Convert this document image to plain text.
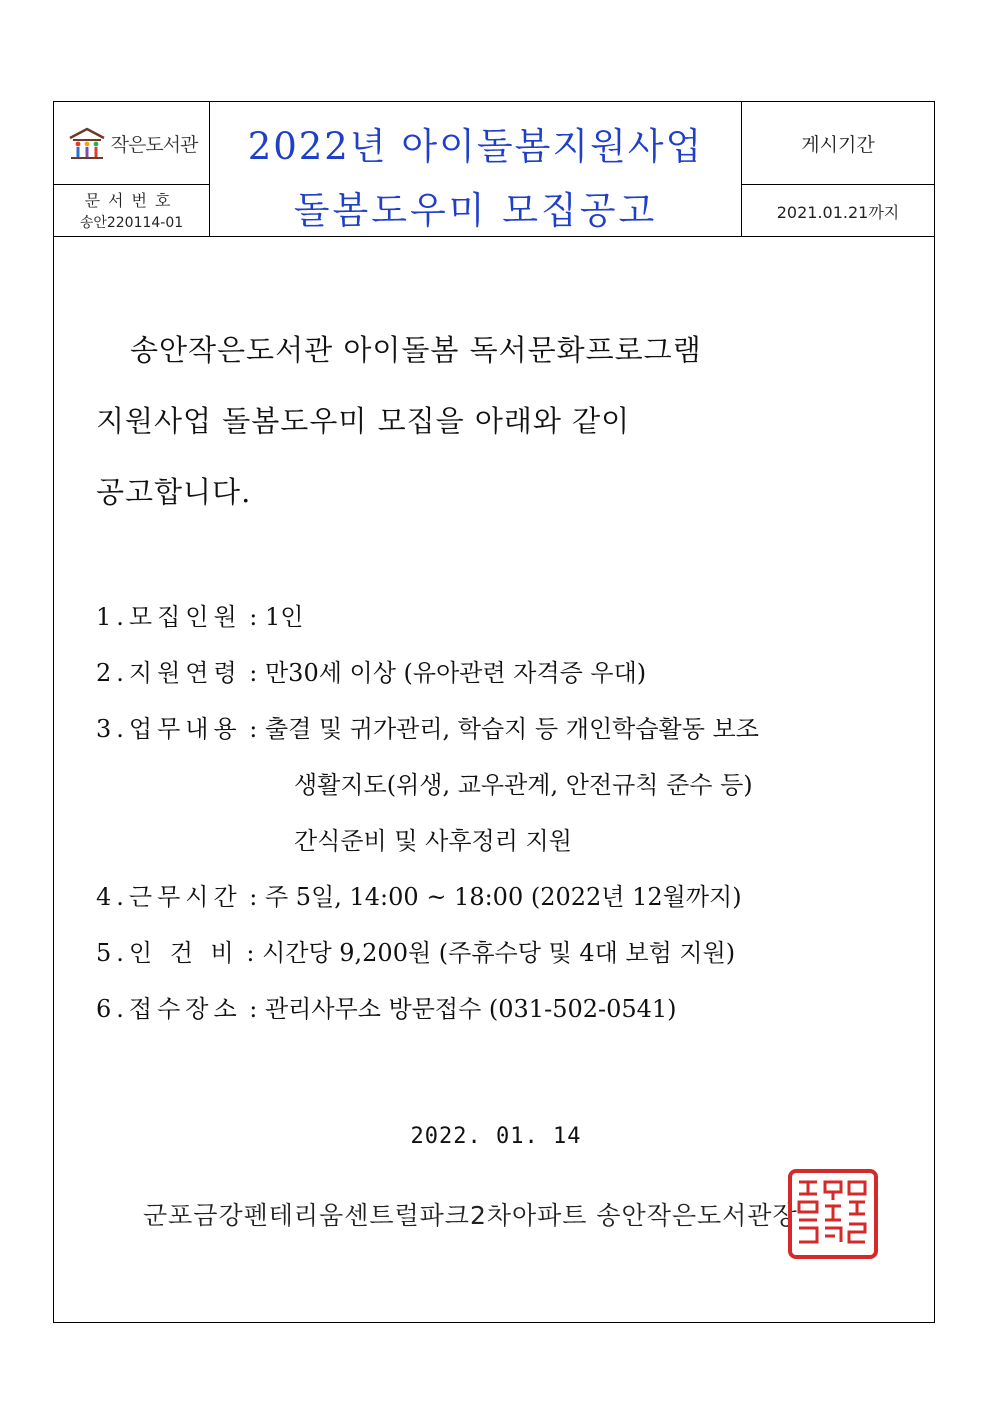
작은도서관
문서번호
송안220114-01
2022년 아이돌봄지원사업
돌봄도우미 모집공고
게시기간
2021.01.21까지

송안작은도서관 아이돌봄 독서문화프로그램

지원사업 돌봄도우미 모집을 아래와 같이

공고합니다.

1.모집인원 : 1인
2.지원연령 : 만30세 이상 (유아관련 자격증 우대)
3.업무내용 : 출결 및 귀가관리, 학습지 등 개인학습활동 보조
생활지도(위생, 교우관계, 안전규칙 준수 등)
간식준비 및 사후정리 지원
4.근무시간 : 주 5일, 14:00 ~ 18:00 (2022년 12월까지)
5.인 건 비 : 시간당 9,200원 (주휴수당 및 4대 보험 지원)
6.접수장소 : 관리사무소 방문접수 (031-502-0541)
2022. 01. 14
군포금강펜테리움센트럴파크2차아파트 송안작은도서관장
